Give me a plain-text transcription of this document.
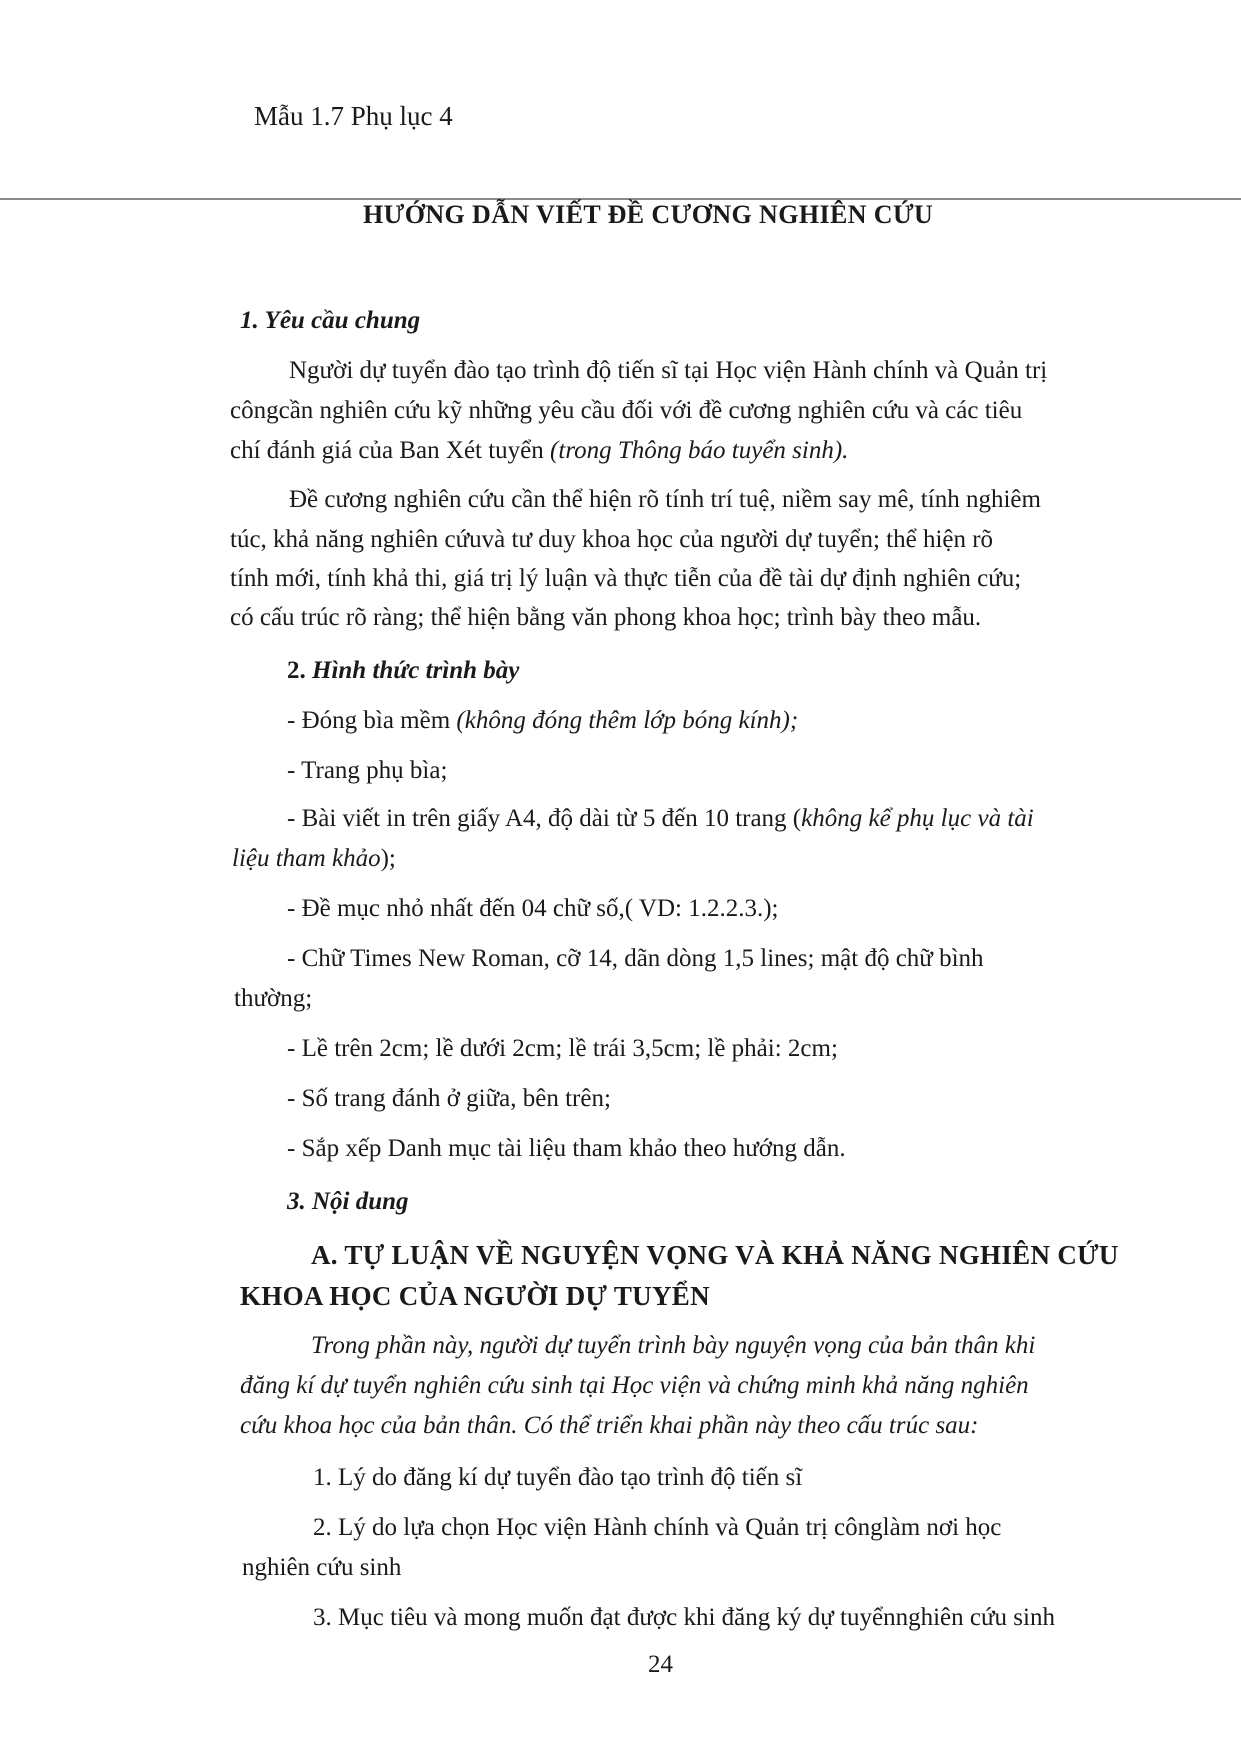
Mẫu 1.7 Phụ lục 4
HƯỚNG DẪN VIẾT ĐỀ CƯƠNG NGHIÊN CỨU
1. Yêu cầu chung
Người dự tuyển đào tạo trình độ tiến sĩ tại Học viện Hành chính và Quản trị
côngcần nghiên cứu kỹ những yêu cầu đối với đề cương nghiên cứu và các tiêu
chí đánh giá của Ban Xét tuyển (trong Thông báo tuyển sinh).
Đề cương nghiên cứu cần thể hiện rõ tính trí tuệ, niềm say mê, tính nghiêm
túc, khả năng nghiên cứuvà tư duy khoa học của người dự tuyển; thể hiện rõ
tính mới, tính khả thi, giá trị lý luận và thực tiễn của đề tài dự định nghiên cứu;
có cấu trúc rõ ràng; thể hiện bằng văn phong khoa học; trình bày theo mẫu.
2. Hình thức trình bày
- Đóng bìa mềm (không đóng thêm lớp bóng kính);
- Trang phụ bìa;
- Bài viết in trên giấy A4, độ dài từ 5 đến 10 trang (không kể phụ lục và tài
liệu tham khảo);
- Đề mục nhỏ nhất đến 04 chữ số,( VD: 1.2.2.3.);
- Chữ Times New Roman, cỡ 14, dãn dòng 1,5 lines; mật độ chữ bình
thường;
- Lề trên 2cm; lề dưới 2cm; lề trái 3,5cm; lề phải: 2cm;
- Số trang đánh ở giữa, bên trên;
- Sắp xếp Danh mục tài liệu tham khảo theo hướng dẫn.
3. Nội dung
A. TỰ LUẬN VỀ NGUYỆN VỌNG VÀ KHẢ NĂNG NGHIÊN CỨU
KHOA HỌC CỦA NGƯỜI DỰ TUYỂN
Trong phần này, người dự tuyển trình bày nguyện vọng của bản thân khi
đăng kí dự tuyển nghiên cứu sinh tại Học viện và chứng minh khả năng nghiên
cứu khoa học của bản thân. Có thể triển khai phần này theo cấu trúc sau:
1. Lý do đăng kí dự tuyển đào tạo trình độ tiến sĩ
2. Lý do lựa chọn Học viện Hành chính và Quản trị cônglàm nơi học
nghiên cứu sinh
3. Mục tiêu và mong muốn đạt được khi đăng ký dự tuyểnnghiên cứu sinh
24
